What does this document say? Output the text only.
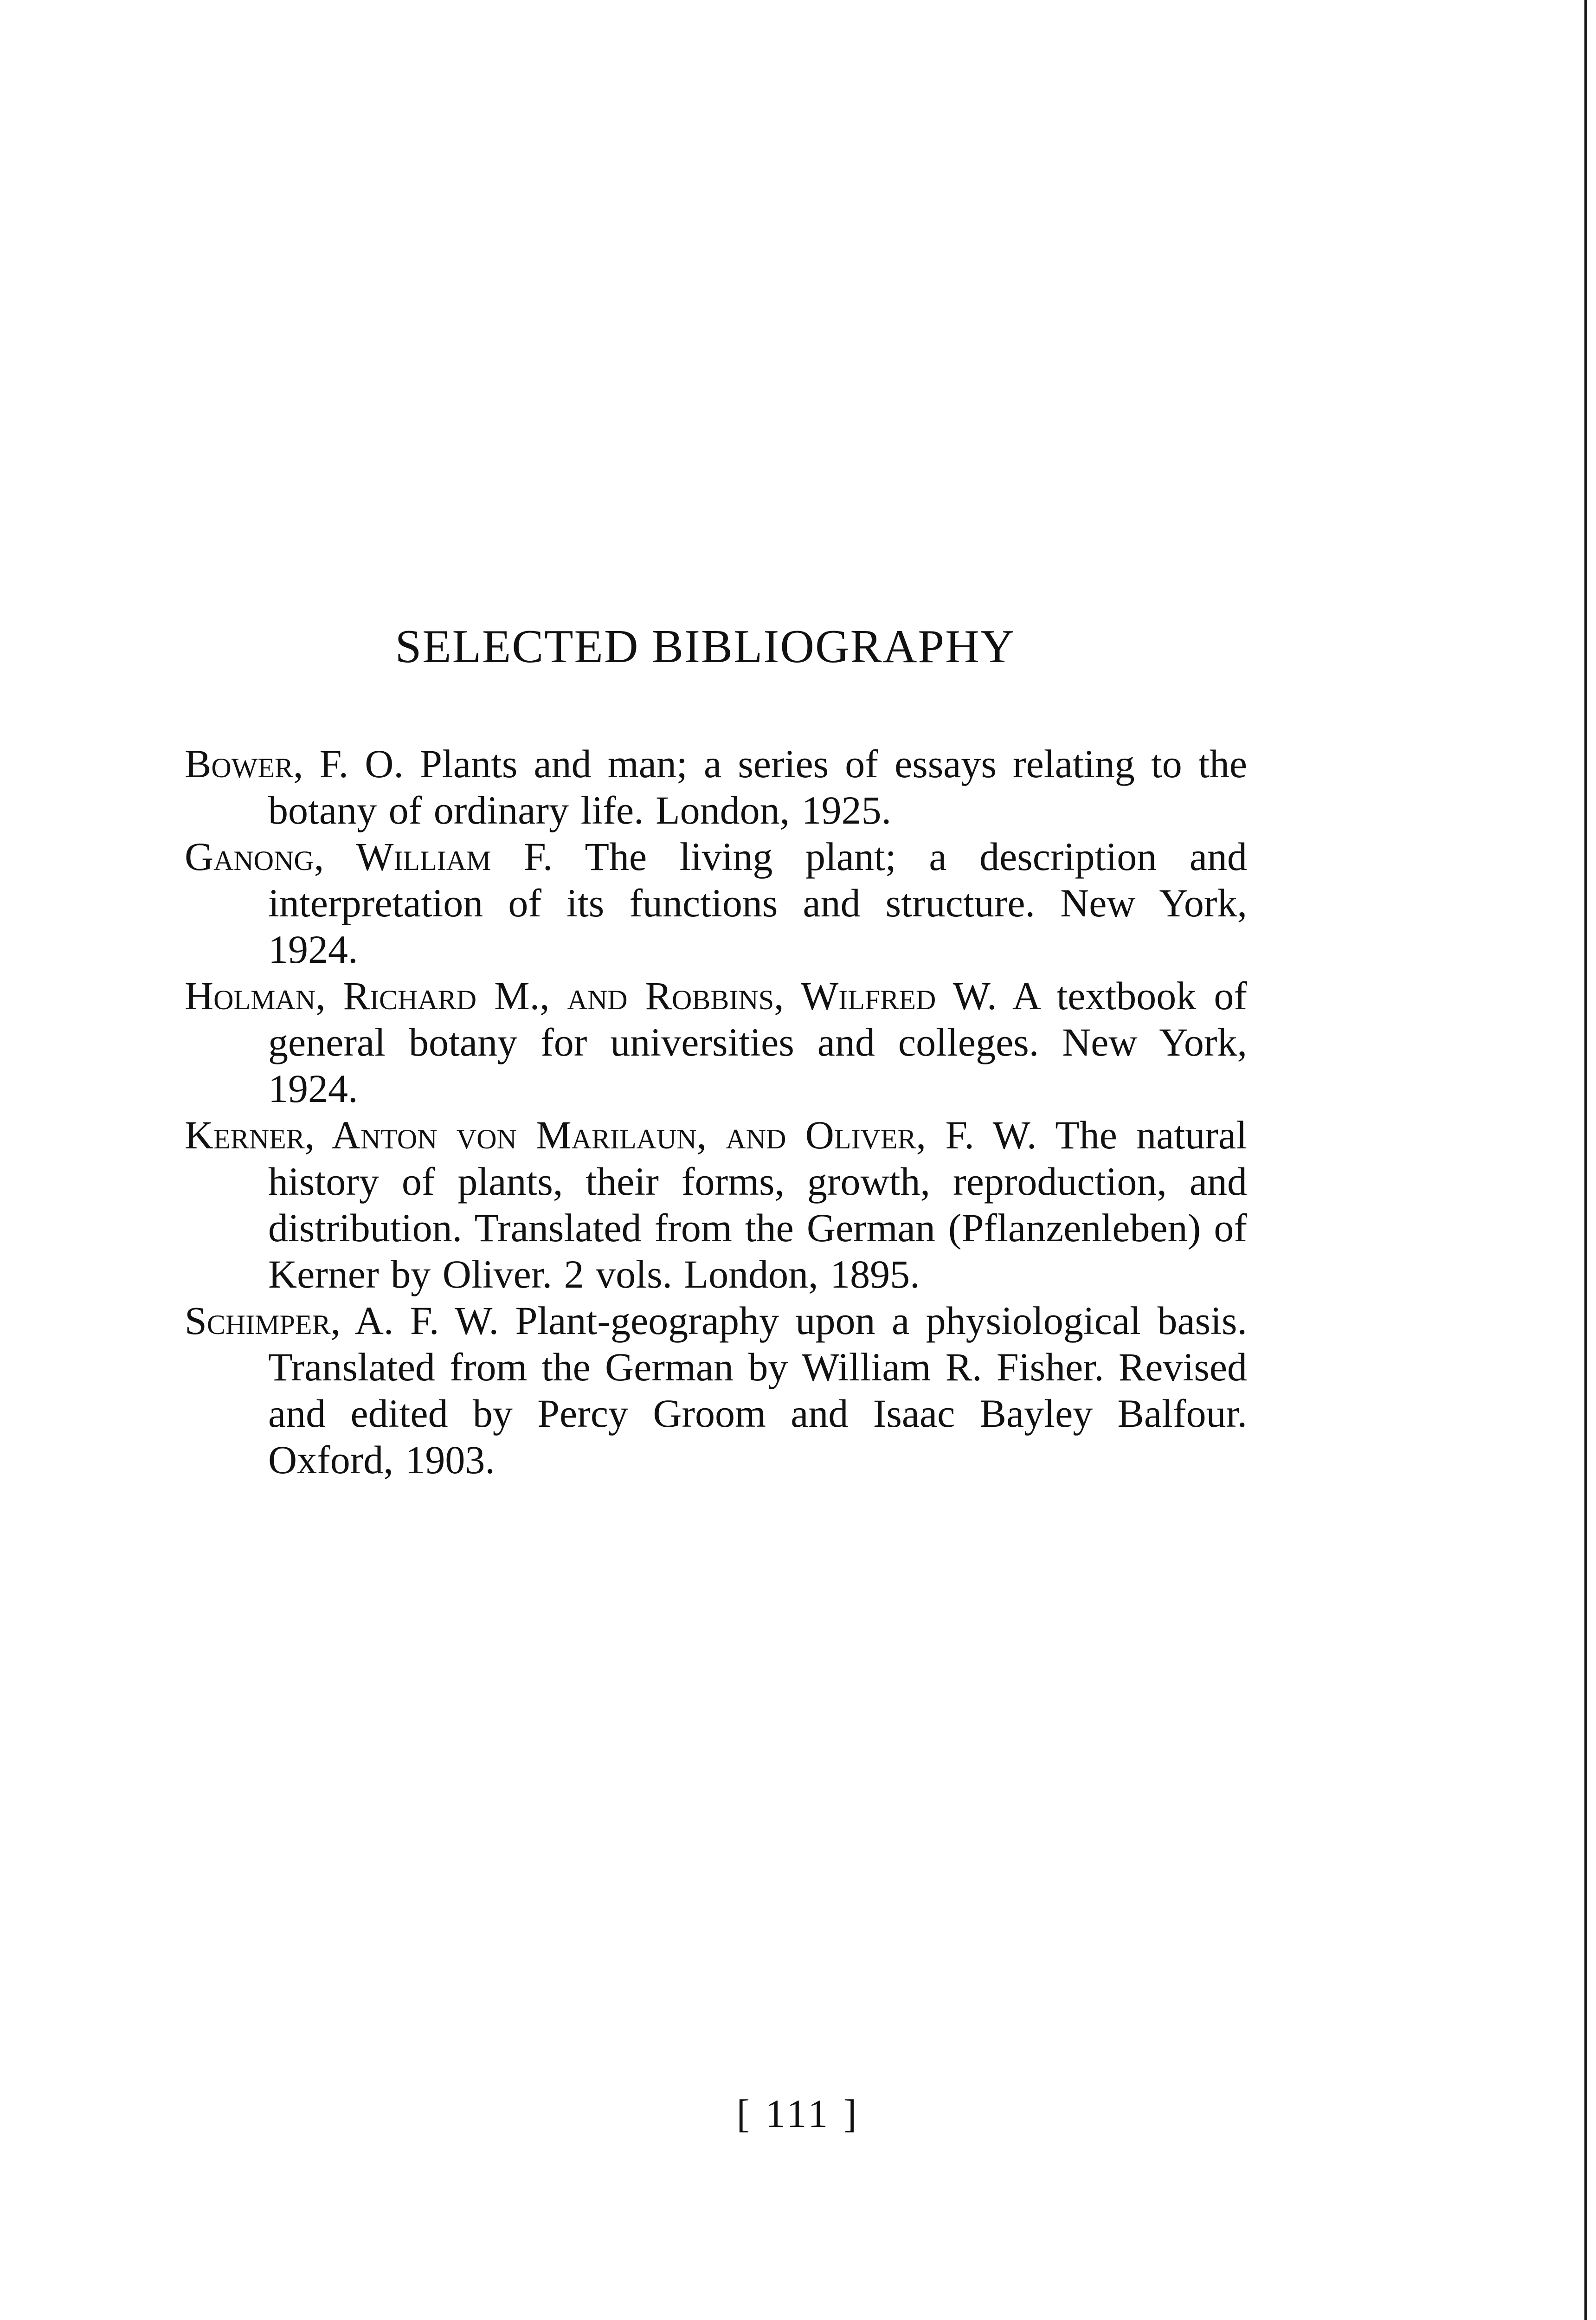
SELECTED BIBLIOGRAPHY
Bower, F. O. Plants and man; a series of essays relating to the botany of ordinary life. London, 1925.
Ganong, William F. The living plant; a description and interpretation of its functions and structure. New York, 1924.
Holman, Richard M., and Robbins, Wilfred W. A textbook of general botany for universities and colleges. New York, 1924.
Kerner, Anton von Marilaun, and Oliver, F. W. The natural history of plants, their forms, growth, reproduction, and distribution. Translated from the German (Pflanzenleben) of Kerner by Oliver. 2 vols. London, 1895.
Schimper, A. F. W. Plant-geography upon a physiological basis. Translated from the German by William R. Fisher. Revised and edited by Percy Groom and Isaac Bayley Balfour. Oxford, 1903.
[ 111 ]
